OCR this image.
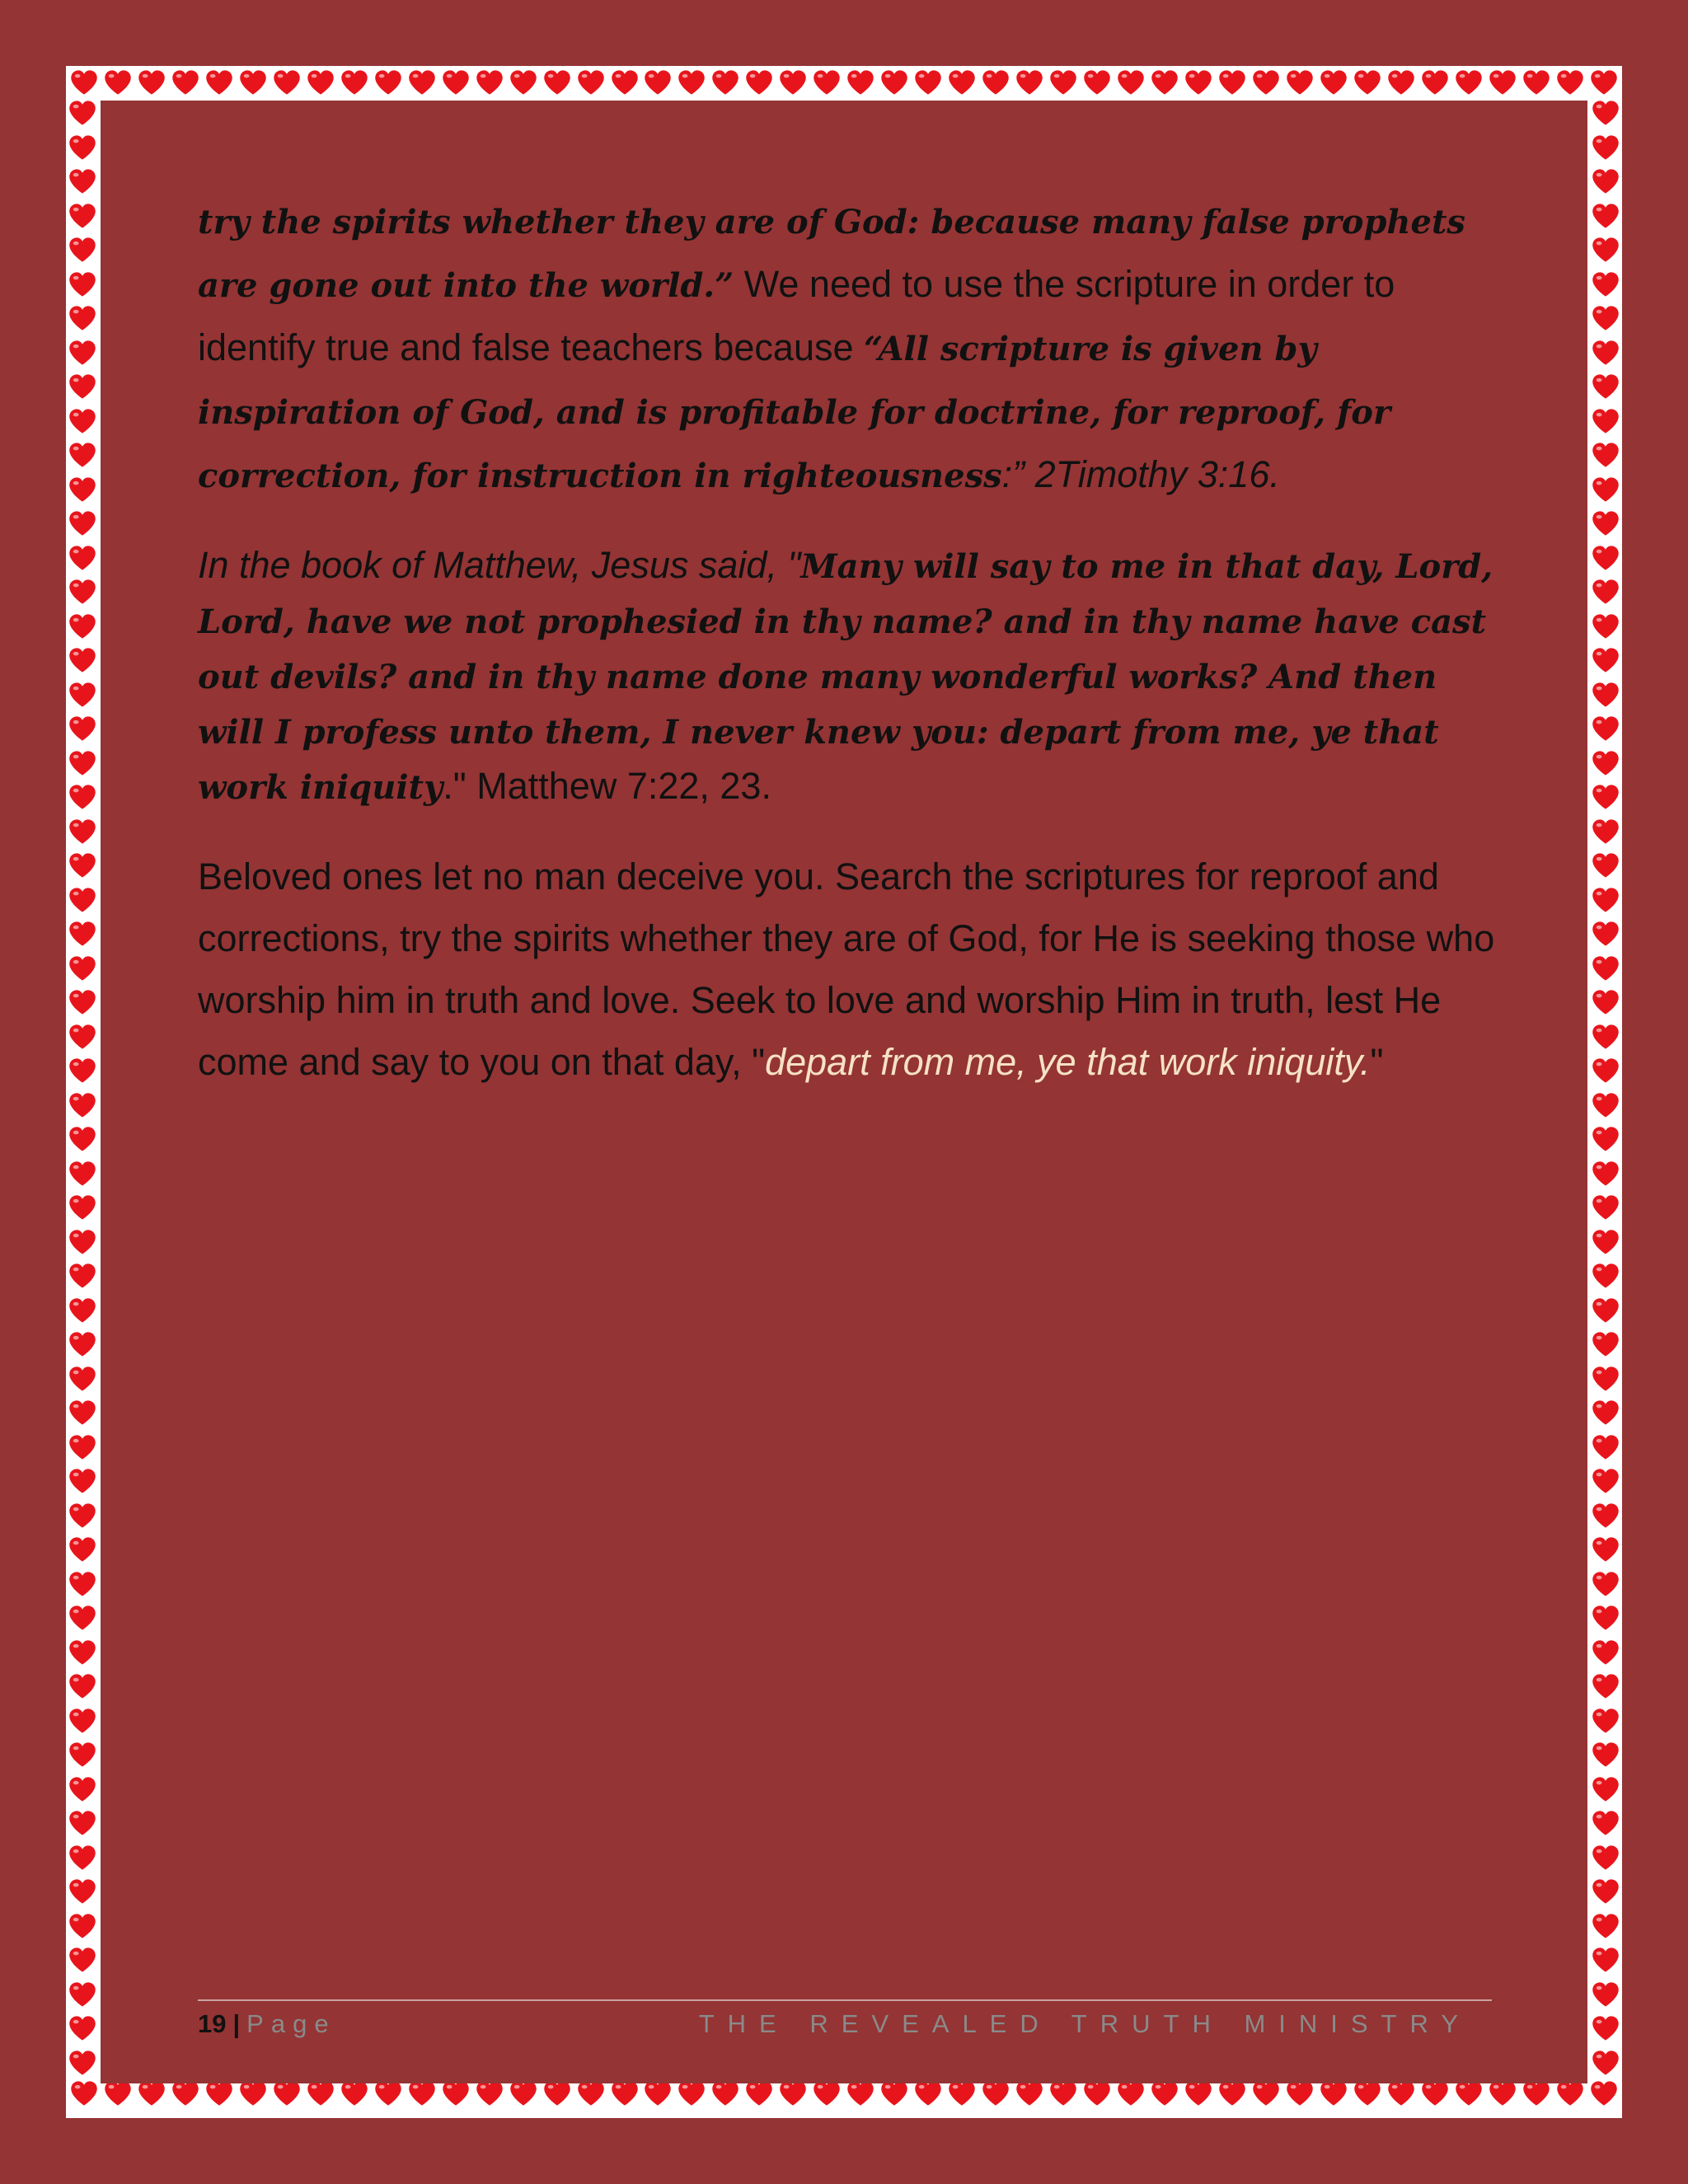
try the spirits whether they are of God: because many false prophets are gone out into the world.” We need to use the scripture in order to identify true and false teachers because “All scripture is given by inspiration of God, and is profitable for doctrine, for reproof, for correction, for instruction in righteousness:” 2Timothy 3:16.

In the book of Matthew, Jesus said, "Many will say to me in that day, Lord, Lord, have we not prophesied in thy name? and in thy name have cast out devils? and in thy name done many wonderful works? And then will I profess unto them, I never knew you: depart from me, ye that work iniquity." Matthew 7:22, 23.

Beloved ones let no man deceive you. Search the scriptures for reproof and corrections, try the spirits whether they are of God, for He is seeking those who worship him in truth and love. Seek to love and worship Him in truth, lest He come and say to you on that day, "depart from me, ye that work iniquity."

19 | Page	THE REVEALED TRUTH MINISTRY
